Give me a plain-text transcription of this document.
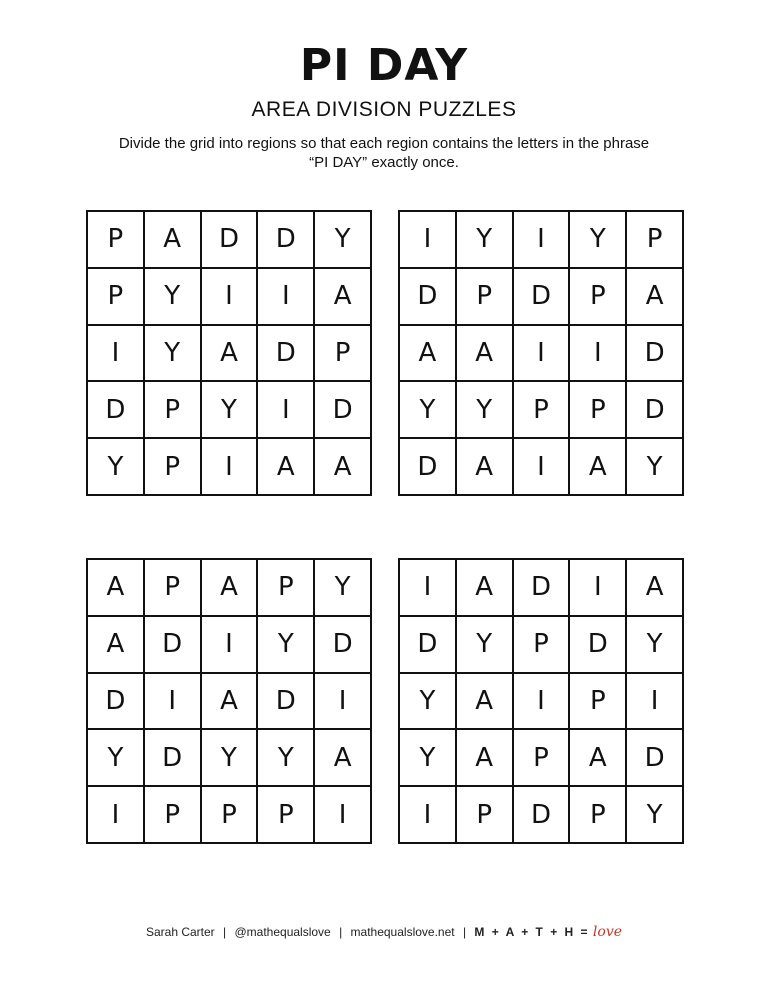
PI DAY
AREA DIVISION PUZZLES
Divide the grid into regions so that each region contains the letters in the phrase “PI DAY” exactly once.
P	A	D	D	Y
P	Y	I	I	A
I	Y	A	D	P
D	P	Y	I	D
Y	P	I	A	A
I	Y	I	Y	P
D	P	D	P	A
A	A	I	I	D
Y	Y	P	P	D
D	A	I	A	Y
A	P	A	P	Y
A	D	I	Y	D
D	I	A	D	I
Y	D	Y	Y	A
I	P	P	P	I
I	A	D	I	A
D	Y	P	D	Y
Y	A	I	P	I
Y	A	P	A	D
I	P	D	P	Y
Sarah Carter | @mathequalslove | mathequalslove.net | M + A + T + H = love
